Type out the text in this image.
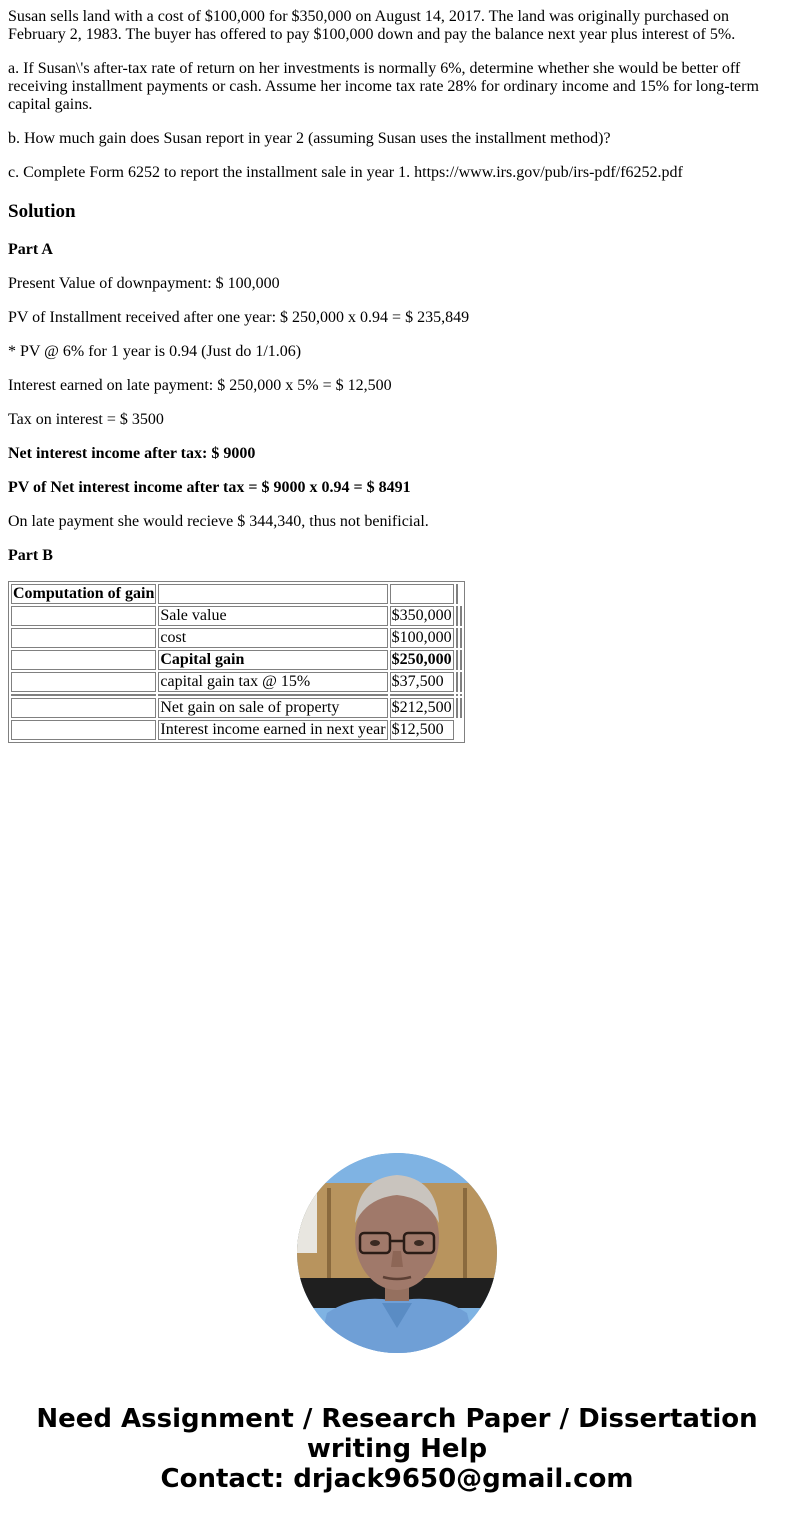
Susan sells land with a cost of $100,000 for $350,000 on August 14, 2017. The land was originally purchased on February 2, 1983. The buyer has offered to pay $100,000 down and pay the balance next year plus interest of 5%.

a. If Susan\'s after-tax rate of return on her investments is normally 6%, determine whether she would be better off receiving installment payments or cash. Assume her income tax rate 28% for ordinary income and 15% for long-term capital gains.

b. How much gain does Susan report in year 2 (assuming Susan uses the installment method)?

c. Complete Form 6252 to report the installment sale in year 1. https://www.irs.gov/pub/irs-pdf/f6252.pdf

Solution
Part A
Present Value of downpayment: $ 100,000
PV of Installment received after one year: $ 250,000 x 0.94 = $ 235,849
* PV @ 6% for 1 year is 0.94 (Just do 1/1.06)
Interest earned on late payment: $ 250,000 x 5% = $ 12,500
Tax on interest = $ 3500
Net interest income after tax: $ 9000
PV of Net interest income after tax = $ 9000 x 0.94 = $ 8491
On late payment she would recieve $ 344,340, thus not benificial.
Part B
Computation of gain				
	Sale value	$350,000		
	cost	$100,000		
	Capital gain	$250,000		
	capital gain tax @ 15%	$37,500		

	Net gain on sale of property	$212,500		
	Interest income earned in next year	$12,500		
Need Assignment / Research Paper / Dissertation
writing Help
Contact: drjack9650@gmail.com
